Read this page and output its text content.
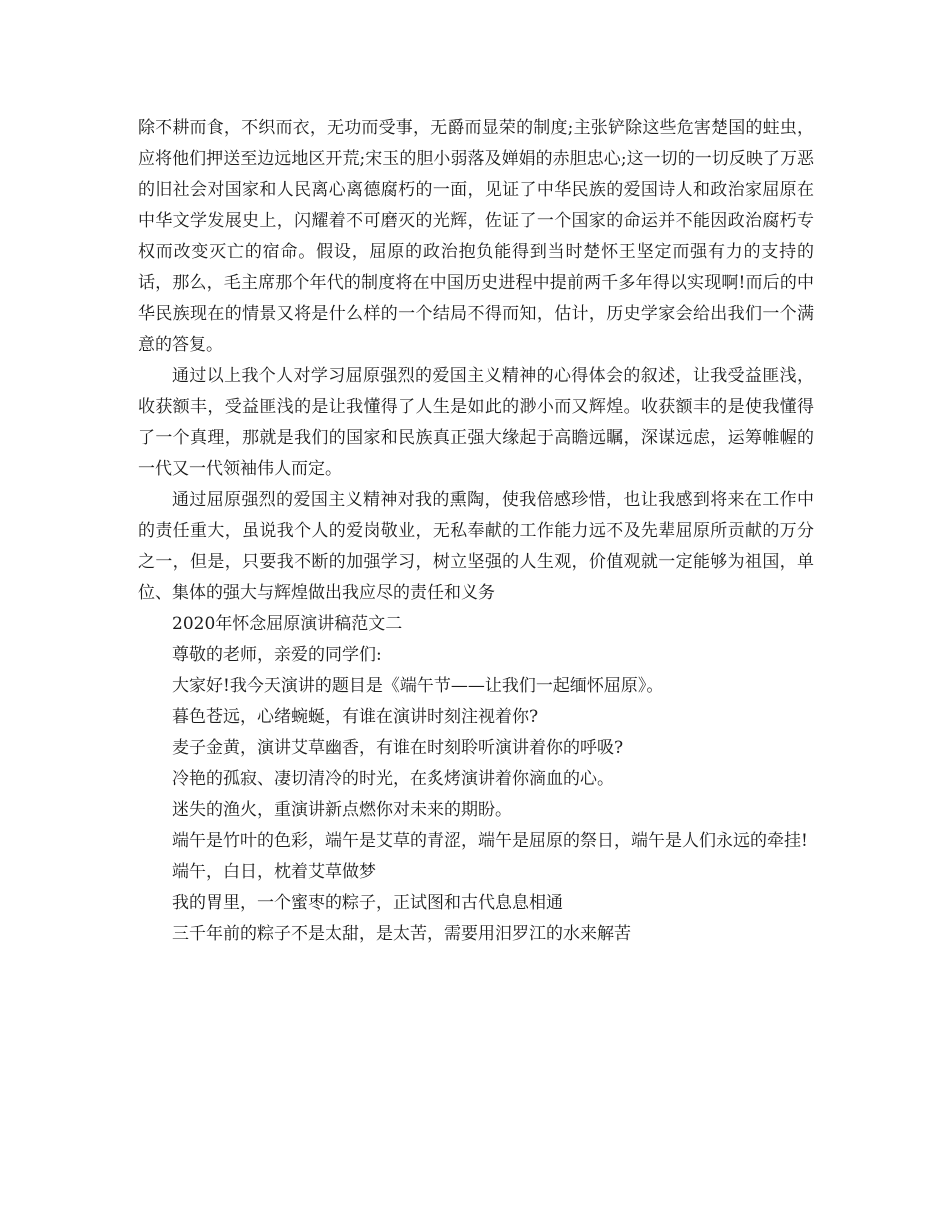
除不耕而食，不织而衣，无功而受事，无爵而显荣的制度;主张铲除这些危害楚国的蛀虫，应将他们押送至边远地区开荒;宋玉的胆小弱落及婵娟的赤胆忠心;这一切的一切反映了万恶的旧社会对国家和人民离心离德腐朽的一面，见证了中华民族的爱国诗人和政治家屈原在中华文学发展史上，闪耀着不可磨灭的光辉，佐证了一个国家的命运并不能因政治腐朽专权而改变灭亡的宿命。假设，屈原的政治抱负能得到当时楚怀王坚定而强有力的支持的话，那么，毛主席那个年代的制度将在中国历史进程中提前两千多年得以实现啊!而后的中华民族现在的情景又将是什么样的一个结局不得而知，估计，历史学家会给出我们一个满意的答复。

通过以上我个人对学习屈原强烈的爱国主义精神的心得体会的叙述，让我受益匪浅，收获额丰，受益匪浅的是让我懂得了人生是如此的渺小而又辉煌。收获额丰的是使我懂得了一个真理，那就是我们的国家和民族真正强大缘起于高瞻远瞩，深谋远虑，运筹帷幄的一代又一代领袖伟人而定。

通过屈原强烈的爱国主义精神对我的熏陶，使我倍感珍惜，也让我感到将来在工作中的责任重大，虽说我个人的爱岗敬业，无私奉献的工作能力远不及先辈屈原所贡献的万分之一，但是，只要我不断的加强学习，树立坚强的人生观，价值观就一定能够为祖国，单位、集体的强大与辉煌做出我应尽的责任和义务

2020年怀念屈原演讲稿范文二

尊敬的老师，亲爱的同学们:

大家好!我今天演讲的题目是《端午节——让我们一起缅怀屈原》。

暮色苍远，心绪蜿蜒，有谁在演讲时刻注视着你?

麦子金黄，演讲艾草幽香，有谁在时刻聆听演讲着你的呼吸?

冷艳的孤寂、凄切清冷的时光，在炙烤演讲着你滴血的心。

迷失的渔火，重演讲新点燃你对未来的期盼。

端午是竹叶的色彩，端午是艾草的青涩，端午是屈原的祭日，端午是人们永远的牵挂!

端午，白日，枕着艾草做梦

我的胃里，一个蜜枣的粽子，正试图和古代息息相通

三千年前的粽子不是太甜，是太苦，需要用汨罗江的水来解苦
